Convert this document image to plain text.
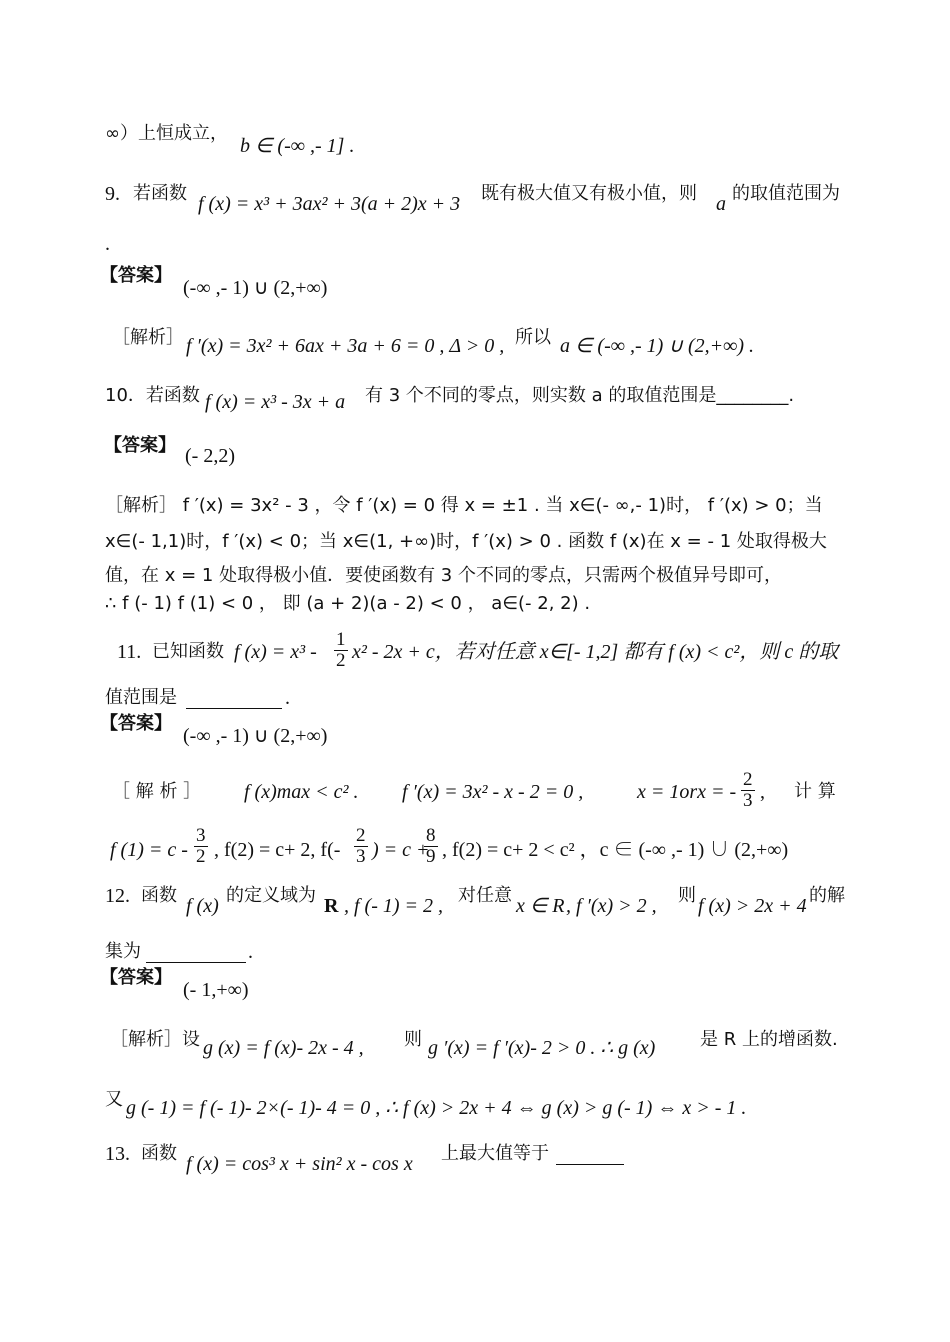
∞）上恒成立，
b ∈ (-∞ ,- 1] .
9. 若函数 f (x) = x³ + 3ax² + 3(a + 2)x + 3 既有极大值又有极小值，则 a 的取值范围为
.
【答案】
(-∞ ,- 1) ∪ (2,+∞)
［解析］ f ′(x) = 3x² + 6ax + 3a + 6 = 0 , Δ > 0 , 所以 a ∈ (-∞ ,- 1) ∪ (2,+∞) .
10．若函数 f (x) = x³ - 3x + a 有 3 个不同的零点，则实数 a 的取值范围是________.
【答案】 (- 2,2)
［解析］ f ′(x) = 3x² - 3 ，令 f ′(x) = 0 得 x = ±1 . 当 x∈(- ∞,- 1)时， f ′(x) > 0；当
x∈(- 1,1)时，f ′(x) < 0；当 x∈(1, +∞)时，f ′(x) > 0 . 函数 f (x)在 x = - 1 处取得极大
值，在 x = 1 处取得极小值．要使函数有 3 个不同的零点，只需两个极值异号即可，
∴ f (- 1) f (1) < 0 ， 即 (a + 2)(a - 2) < 0 ， a∈(- 2, 2) .
11. 已知函数 f $(x) = x^3 - \frac{1}{2} x^2 - 2x + c$，若对任意 x∈[- 1,2] 都有 f (x) < c²，则 c 的取
值范围是	.
【答案】
(-∞ ,- 1) ∪ (2,+∞)
［ 解 析 ］ f (x)max < c² . f ′(x) = 3x² - x - 2 = 0 ,	x = 1orx = - $\frac{2}{3}$ , 计 算
f $(1) = c - \frac{3}{2}$ , f(2) = c+ 2, $f(- \frac{2}{3}$ ) = c +
$\frac{8}{9}$ , f(2) = c+ 2 < c² ，c ∈ (-∞ ,- 1) ∪ (2,+∞)
12. 函数 f (x) 的定义域为 R , f (- 1) = 2 , 对任意 x ∈ R , f ′(x) > 2 , 则 f (x) > 2x + 4 的解
集为	.
【答案】
(- 1,+∞)
［解析］设 g (x) = f (x)- 2x - 4 , 则 g ′(x) = f ′(x)- 2 > 0 . ∴ g (x) 是 R 上的增函数.
又 g (- 1) = f (- 1)- 2×(- 1)- 4 = 0 , ∴ f (x) > 2x + 4 ⇔ g (x) > g (- 1) ⇔ x > - 1 .
13. 函数 f (x) = cos³ x + sin² x - cos x 上最大值等于
